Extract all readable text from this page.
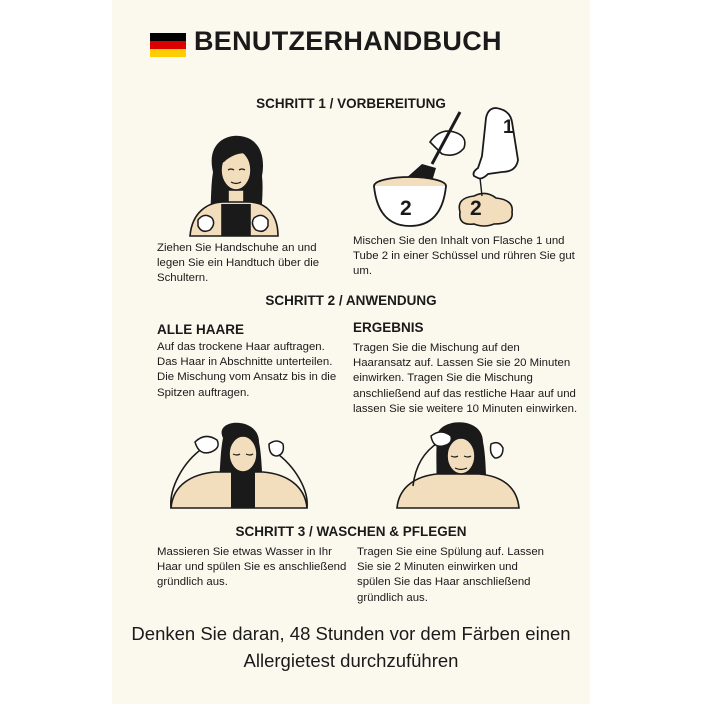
BENUTZERHANDBUCH
SCHRITT 1 / VORBEREITUNG
2
1
2
Ziehen Sie Handschuhe an und legen Sie ein Handtuch über die Schultern.
Mischen Sie den Inhalt von Flasche 1 und Tube 2 in einer Schüssel und rühren Sie gut um.
SCHRITT 2 / ANWENDUNG
ALLE HAARE	ERGEBNIS
Auf das trockene Haar auftragen. Das Haar in Abschnitte unterteilen. Die Mischung vom Ansatz bis in die Spitzen auftragen.
Tragen Sie die Mischung auf den Haaransatz auf. Lassen Sie sie 20 Minuten einwirken. Tragen Sie die Mischung anschließend auf das restliche Haar auf und lassen Sie sie weitere 10 Minuten einwirken.
SCHRITT 3 / WASCHEN & PFLEGEN
Massieren Sie etwas Wasser in Ihr Haar und spülen Sie es anschließend gründlich aus.
Tragen Sie eine Spülung auf. Lassen Sie sie 2 Minuten einwirken und spülen Sie das Haar anschließend gründlich aus.
Denken Sie daran, 48 Stunden vor dem Färben einen Allergietest durchzuführen
